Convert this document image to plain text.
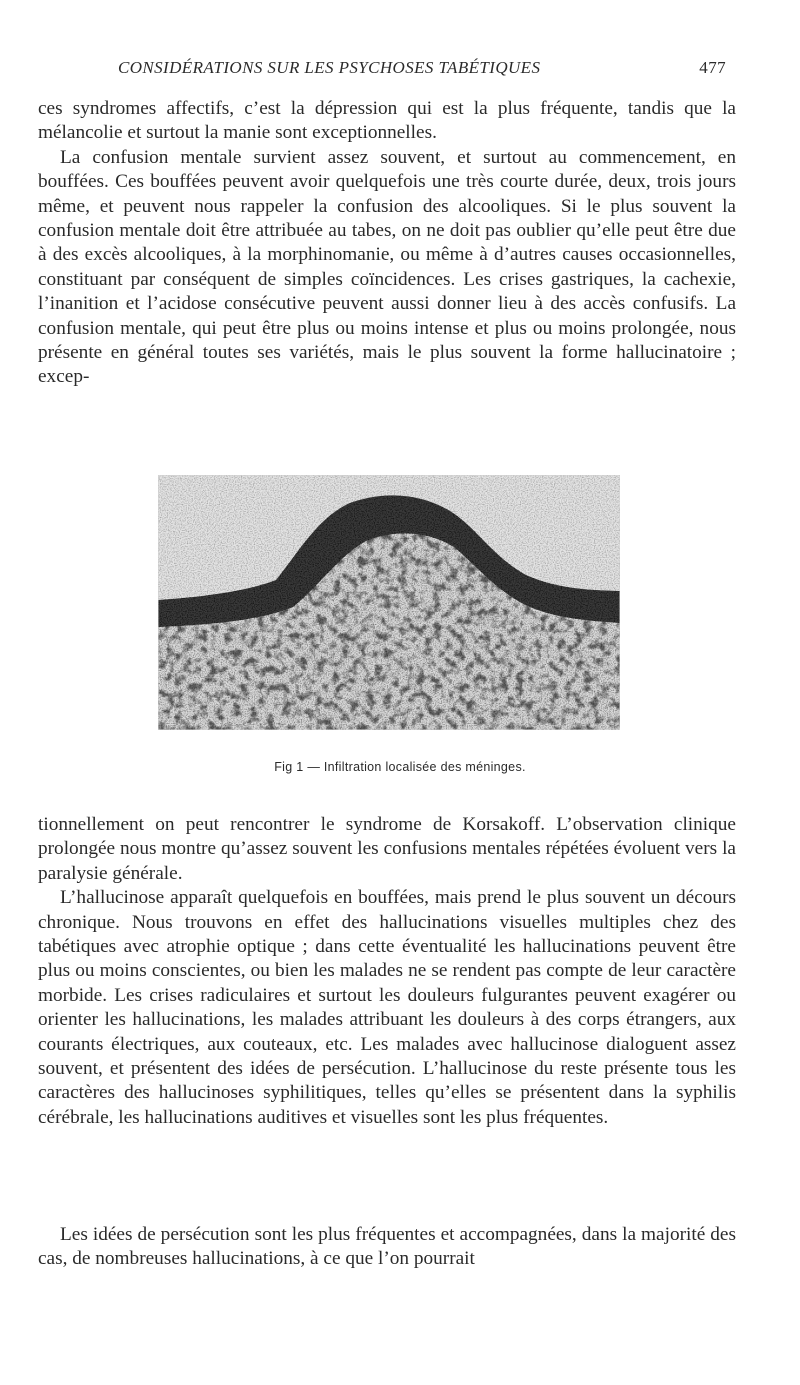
CONSIDÉRATIONS SUR LES PSYCHOSES TABÉTIQUES	477
ces syndromes affectifs, c’est la dépression qui est la plus fréquente, tandis que la mélancolie et surtout la manie sont exceptionnelles.
La confusion mentale survient assez souvent, et surtout au commencement, en bouffées. Ces bouffées peuvent avoir quelquefois une très courte durée, deux, trois jours même, et peuvent nous rappeler la confusion des alcooliques. Si le plus souvent la confusion mentale doit être attribuée au tabes, on ne doit pas oublier qu’elle peut être due à des excès alcooliques, à la morphinomanie, ou même à d’autres causes occasionnelles, constituant par conséquent de simples coïncidences. Les crises gastriques, la cachexie, l’inanition et l’acidose consécutive peuvent aussi donner lieu à des accès confusifs. La confusion mentale, qui peut être plus ou moins intense et plus ou moins prolongée, nous présente en général toutes ses variétés, mais le plus souvent la forme hallucinatoire ; excep-
Fig 1 — Infiltration localisée des méninges.
tionnellement on peut rencontrer le syndrome de Korsakoff. L’observation clinique prolongée nous montre qu’assez souvent les confusions mentales répétées évoluent vers la paralysie générale.
L’hallucinose apparaît quelquefois en bouffées, mais prend le plus souvent un décours chronique. Nous trouvons en effet des hallucinations visuelles multiples chez des tabétiques avec atrophie optique ; dans cette éventualité les hallucinations peuvent être plus ou moins conscientes, ou bien les malades ne se rendent pas compte de leur caractère morbide. Les crises radiculaires et surtout les douleurs fulgurantes peuvent exagérer ou orienter les hallucinations, les malades attribuant les douleurs à des corps étrangers, aux courants électriques, aux couteaux, etc. Les malades avec hallucinose dialoguent assez souvent, et présentent des idées de persécution. L’hallucinose du reste présente tous les caractères des hallucinoses syphilitiques, telles qu’elles se présentent dans la syphilis cérébrale, les hallucinations auditives et visuelles sont les plus fréquentes.
Les idées de persécution sont les plus fréquentes et accompagnées, dans la majorité des cas, de nombreuses hallucinations, à ce que l’on pourrait
